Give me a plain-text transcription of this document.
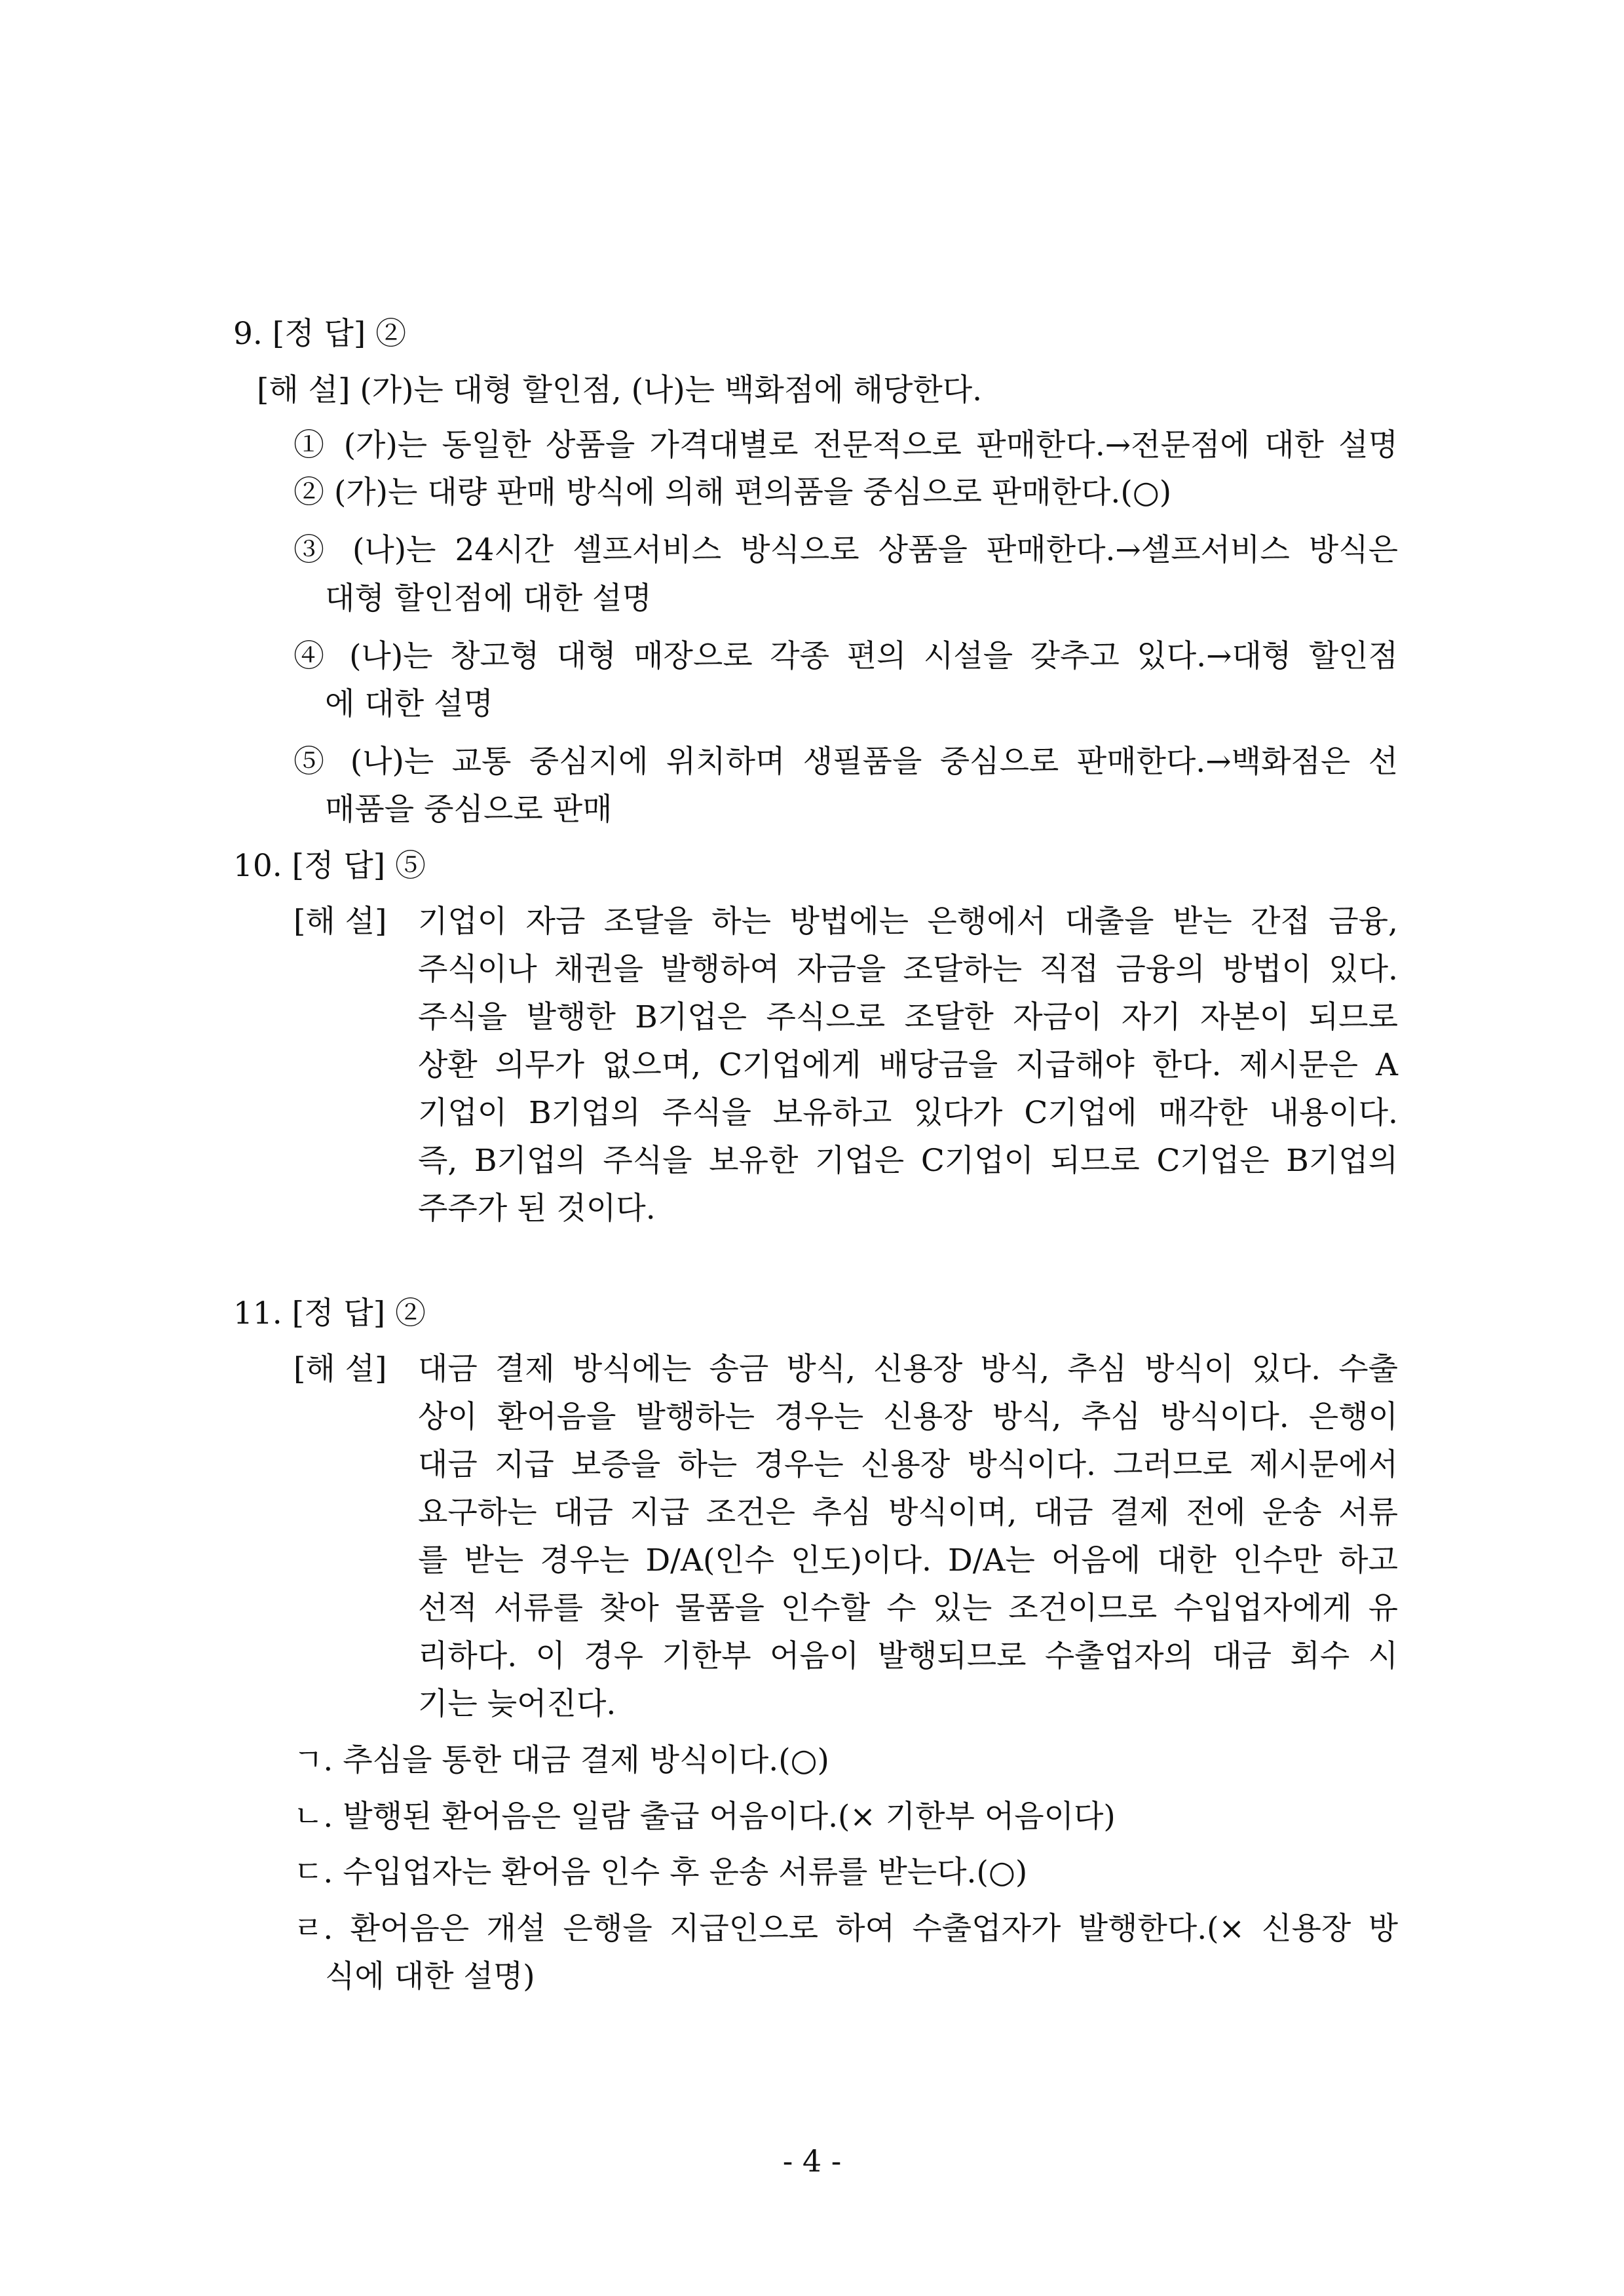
9. [정 답] ②
[해 설] (가)는 대형 할인점, (나)는 백화점에 해당한다.
① (가)는 동일한 상품을 가격대별로 전문적으로 판매한다.→전문점에 대한 설명
② (가)는 대량 판매 방식에 의해 편의품을 중심으로 판매한다.(○)
③ (나)는 24시간 셀프서비스 방식으로 상품을 판매한다.→셀프서비스 방식은
대형 할인점에 대한 설명
④ (나)는 창고형 대형 매장으로 각종 편의 시설을 갖추고 있다.→대형 할인점
에 대한 설명
⑤ (나)는 교통 중심지에 위치하며 생필품을 중심으로 판매한다.→백화점은 선
매품을 중심으로 판매
10. [정 답] ⑤
[해 설] 기업이 자금 조달을 하는 방법에는 은행에서 대출을 받는 간접 금융,
주식이나 채권을 발행하여 자금을 조달하는 직접 금융의 방법이 있다.
주식을 발행한 B기업은 주식으로 조달한 자금이 자기 자본이 되므로
상환 의무가 없으며, C기업에게 배당금을 지급해야 한다. 제시문은 A
기업이 B기업의 주식을 보유하고 있다가 C기업에 매각한 내용이다.
즉, B기업의 주식을 보유한 기업은 C기업이 되므로 C기업은 B기업의
주주가 된 것이다.
11. [정 답] ②
[해 설] 대금 결제 방식에는 송금 방식, 신용장 방식, 추심 방식이 있다. 수출
상이 환어음을 발행하는 경우는 신용장 방식, 추심 방식이다. 은행이
대금 지급 보증을 하는 경우는 신용장 방식이다. 그러므로 제시문에서
요구하는 대금 지급 조건은 추심 방식이며, 대금 결제 전에 운송 서류
를 받는 경우는 D/A(인수 인도)이다. D/A는 어음에 대한 인수만 하고
선적 서류를 찾아 물품을 인수할 수 있는 조건이므로 수입업자에게 유
리하다. 이 경우 기한부 어음이 발행되므로 수출업자의 대금 회수 시
기는 늦어진다.
ㄱ. 추심을 통한 대금 결제 방식이다.(○)
ㄴ. 발행된 환어음은 일람 출급 어음이다.(× 기한부 어음이다)
ㄷ. 수입업자는 환어음 인수 후 운송 서류를 받는다.(○)
ㄹ. 환어음은 개설 은행을 지급인으로 하여 수출업자가 발행한다.(× 신용장 방
식에 대한 설명)
- 4 -
